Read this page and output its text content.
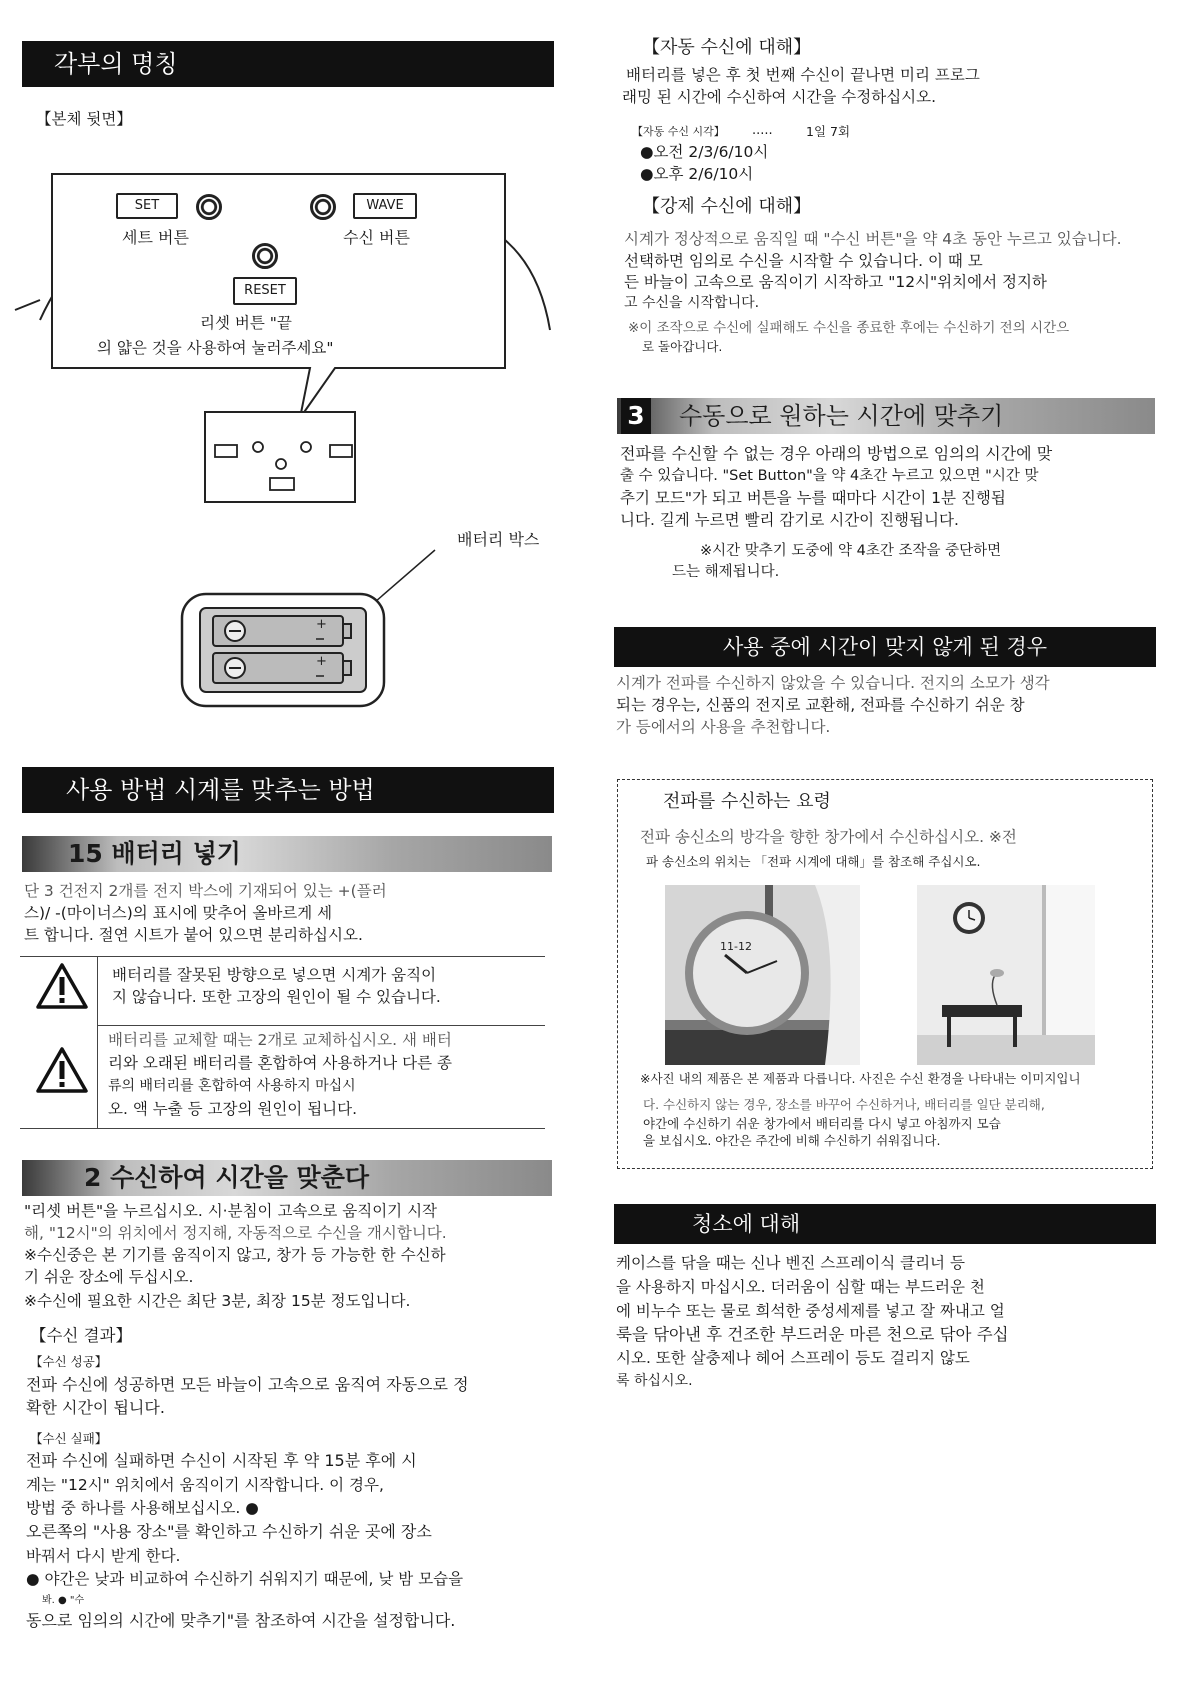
각부의 명칭
【본체 뒷면】
+
+
SET	WAVE
세트 버튼	수신 버튼
RESET
리셋 버튼 "끝
의 얇은 것을 사용하여 눌러주세요"
배터리 박스
사용 방법 시계를 맞추는 방법
15 배터리 넣기
단 3 건전지 2개를 전지 박스에 기재되어 있는 +(플러
스)/ -(마이너스)의 표시에 맞추어 올바르게 세
트 합니다. 절연 시트가 붙어 있으면 분리하십시오.
배터리를 잘못된 방향으로 넣으면 시계가 움직이
지 않습니다. 또한 고장의 원인이 될 수 있습니다.
배터리를 교체할 때는 2개로 교체하십시오. 새 배터
리와 오래된 배터리를 혼합하여 사용하거나 다른 종
류의 배터리를 혼합하여 사용하지 마십시
오. 액 누출 등 고장의 원인이 됩니다.
2 수신하여 시간을 맞춘다
"리셋 버튼"을 누르십시오. 시·분침이 고속으로 움직이기 시작
해, "12시"의 위치에서 정지해, 자동적으로 수신을 개시합니다.
※수신중은 본 기기를 움직이지 않고, 창가 등 가능한 한 수신하
기 쉬운 장소에 두십시오.
※수신에 필요한 시간은 최단 3분, 최장 15분 정도입니다.
【수신 결과】
【수신 성공】
전파 수신에 성공하면 모든 바늘이 고속으로 움직여 자동으로 정
확한 시간이 됩니다.
【수신 실패】
전파 수신에 실패하면 수신이 시작된 후 약 15분 후에 시
계는 "12시" 위치에서 움직이기 시작합니다. 이 경우,
방법 중 하나를 사용해보십시오. ●
오른쪽의 "사용 장소"를 확인하고 수신하기 쉬운 곳에 장소
바꿔서 다시 받게 한다.
● 야간은 낮과 비교하여 수신하기 쉬워지기 때문에, 낮 밤 모습을
봐. ● "수
동으로 임의의 시간에 맞추기"를 참조하여 시간을 설정합니다.
【자동 수신에 대해】
배터리를 넣은 후 첫 번째 수신이 끝나면 미리 프로그
래밍 된 시간에 수신하여 시간을 수정하십시오.
【자동 수신 시각】 .....	1일 7회
●오전 2/3/6/10시
●오후 2/6/10시
【강제 수신에 대해】
시계가 정상적으로 움직일 때 "수신 버튼"을 약 4초 동안 누르고 있습니다.
선택하면 임의로 수신을 시작할 수 있습니다. 이 때 모
든 바늘이 고속으로 움직이기 시작하고 "12시"위치에서 정지하
고 수신을 시작합니다.
※이 조작으로 수신에 실패해도 수신을 종료한 후에는 수신하기 전의 시간으
로 돌아갑니다.
3 수동으로 원하는 시간에 맞추기
전파를 수신할 수 없는 경우 아래의 방법으로 임의의 시간에 맞
출 수 있습니다. "Set Button"을 약 4초간 누르고 있으면 "시간 맞
추기 모드"가 되고 버튼을 누를 때마다 시간이 1분 진행됩
니다. 길게 누르면 빨리 감기로 시간이 진행됩니다.
※시간 맞추기 도중에 약 4초간 조작을 중단하면
드는 해제됩니다.
사용 중에 시간이 맞지 않게 된 경우
시계가 전파를 수신하지 않았을 수 있습니다. 전지의 소모가 생각
되는 경우는, 신품의 전지로 교환해, 전파를 수신하기 쉬운 창
가 등에서의 사용을 추천합니다.
전파를 수신하는 요령
전파 송신소의 방각을 향한 창가에서 수신하십시오. ※전
파 송신소의 위치는 「전파 시계에 대해」를 참조해 주십시오.
11-12
※사진 내의 제품은 본 제품과 다릅니다. 사진은 수신 환경을 나타내는 이미지입니
다. 수신하지 않는 경우, 장소를 바꾸어 수신하거나, 배터리를 일단 분리해,
야간에 수신하기 쉬운 창가에서 배터리를 다시 넣고 아침까지 모습
을 보십시오. 야간은 주간에 비해 수신하기 쉬워집니다.
청소에 대해
케이스를 닦을 때는 신나 벤진 스프레이식 클리너 등
을 사용하지 마십시오. 더러움이 심할 때는 부드러운 천
에 비누수 또는 물로 희석한 중성세제를 넣고 잘 짜내고 얼
룩을 닦아낸 후 건조한 부드러운 마른 천으로 닦아 주십
시오. 또한 살충제나 헤어 스프레이 등도 걸리지 않도
록 하십시오.
